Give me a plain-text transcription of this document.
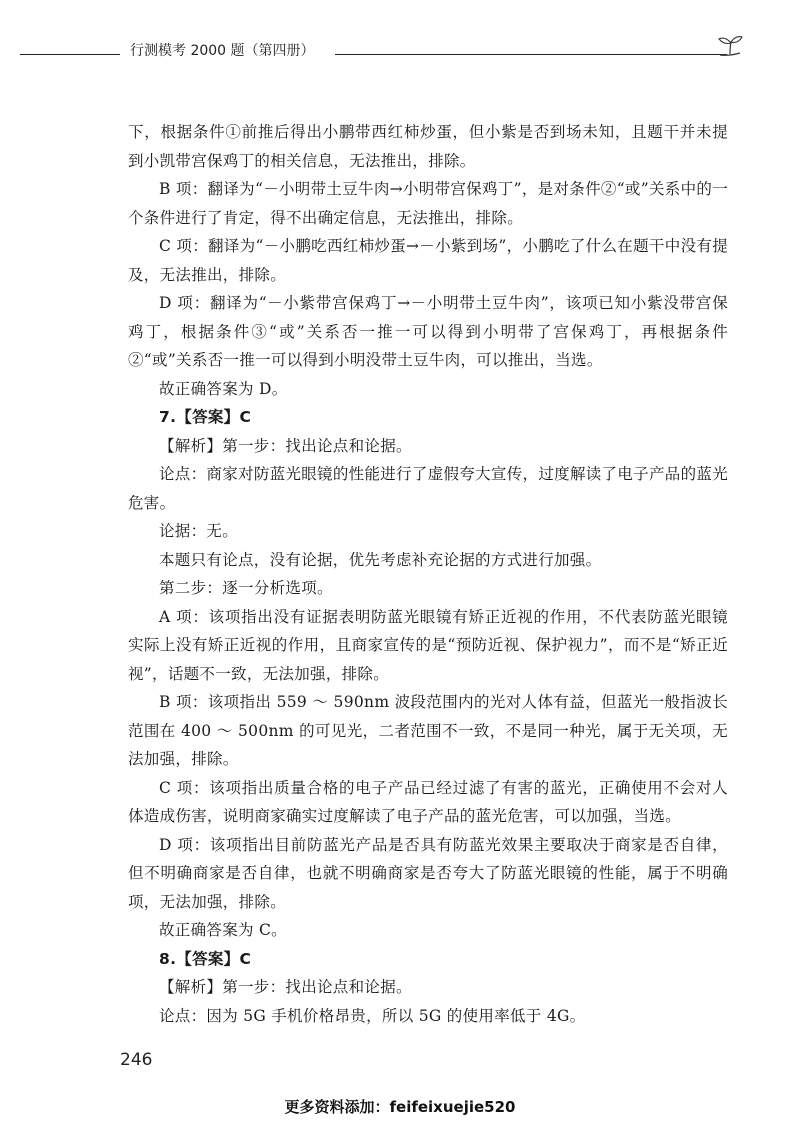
行测模考 2000 题（第四册）

下，根据条件①前推后得出小鹏带西红柿炒蛋，但小紫是否到场未知，且题干并未提到小凯带宫保鸡丁的相关信息，无法推出，排除。

B 项：翻译为“－小明带土豆牛肉→小明带宫保鸡丁”，是对条件②“或”关系中的一个条件进行了肯定，得不出确定信息，无法推出，排除。

C 项：翻译为“－小鹏吃西红柿炒蛋→－小紫到场”，小鹏吃了什么在题干中没有提及，无法推出，排除。

D 项：翻译为“－小紫带宫保鸡丁→－小明带土豆牛肉”，该项已知小紫没带宫保鸡丁，根据条件③“或”关系否一推一可以得到小明带了宫保鸡丁，再根据条件②“或”关系否一推一可以得到小明没带土豆牛肉，可以推出，当选。

故正确答案为 D。

7.【答案】C

【解析】第一步：找出论点和论据。

论点：商家对防蓝光眼镜的性能进行了虚假夸大宣传，过度解读了电子产品的蓝光危害。

论据：无。

本题只有论点，没有论据，优先考虑补充论据的方式进行加强。

第二步：逐一分析选项。

A 项：该项指出没有证据表明防蓝光眼镜有矫正近视的作用，不代表防蓝光眼镜实际上没有矫正近视的作用，且商家宣传的是“预防近视、保护视力”，而不是“矫正近视”，话题不一致，无法加强，排除。

B 项：该项指出 559 ～ 590nm 波段范围内的光对人体有益，但蓝光一般指波长范围在 400 ～ 500nm 的可见光，二者范围不一致，不是同一种光，属于无关项，无法加强，排除。

C 项：该项指出质量合格的电子产品已经过滤了有害的蓝光，正确使用不会对人体造成伤害，说明商家确实过度解读了电子产品的蓝光危害，可以加强，当选。

D 项：该项指出目前防蓝光产品是否具有防蓝光效果主要取决于商家是否自律，但不明确商家是否自律，也就不明确商家是否夸大了防蓝光眼镜的性能，属于不明确项，无法加强，排除。

故正确答案为 C。

8.【答案】C

【解析】第一步：找出论点和论据。

论点：因为 5G 手机价格昂贵，所以 5G 的使用率低于 4G。

246
更多资料添加：feifeixuejie520
